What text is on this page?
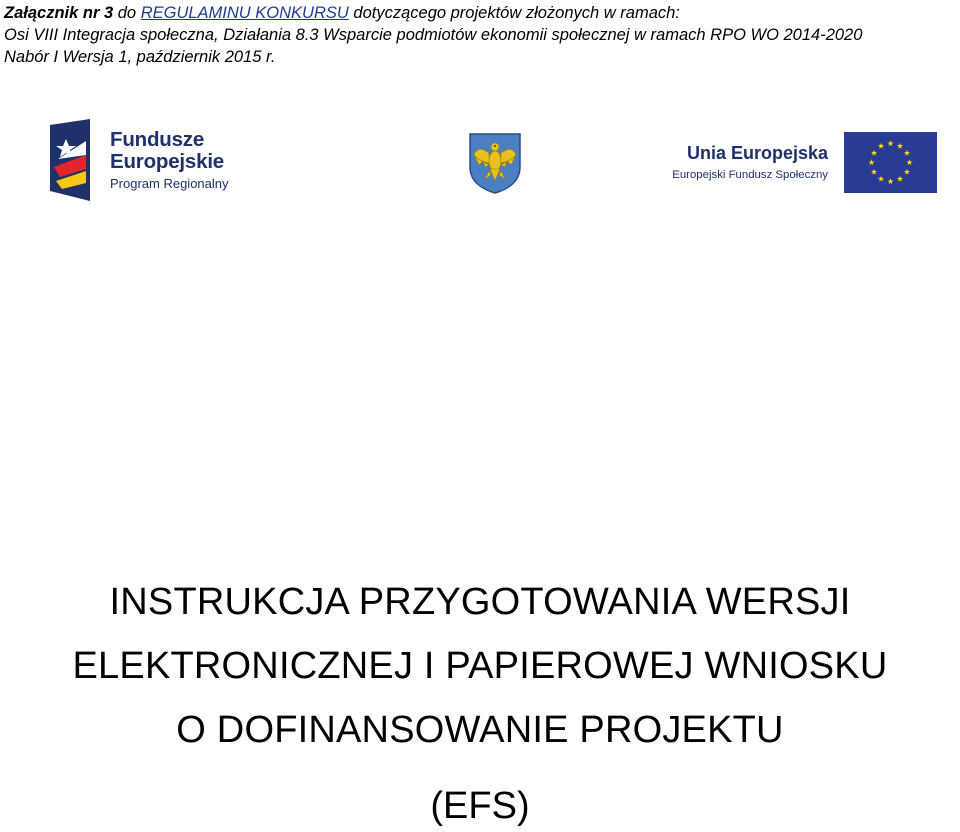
Załącznik nr 3 do REGULAMINU KONKURSU dotyczącego projektów złożonych w ramach:
Osi VIII Integracja społeczna, Działania 8.3 Wsparcie podmiotów ekonomii społecznej w ramach RPO WO 2014-2020
Nabór I Wersja 1, październik 2015 r.
Fundusze
Europejskie
Program Regionalny
Unia Europejska
Europejski Fundusz Społeczny
INSTRUKCJA PRZYGOTOWANIA WERSJI
ELEKTRONICZNEJ I PAPIEROWEJ WNIOSKU
O DOFINANSOWANIE PROJEKTU
(EFS)
